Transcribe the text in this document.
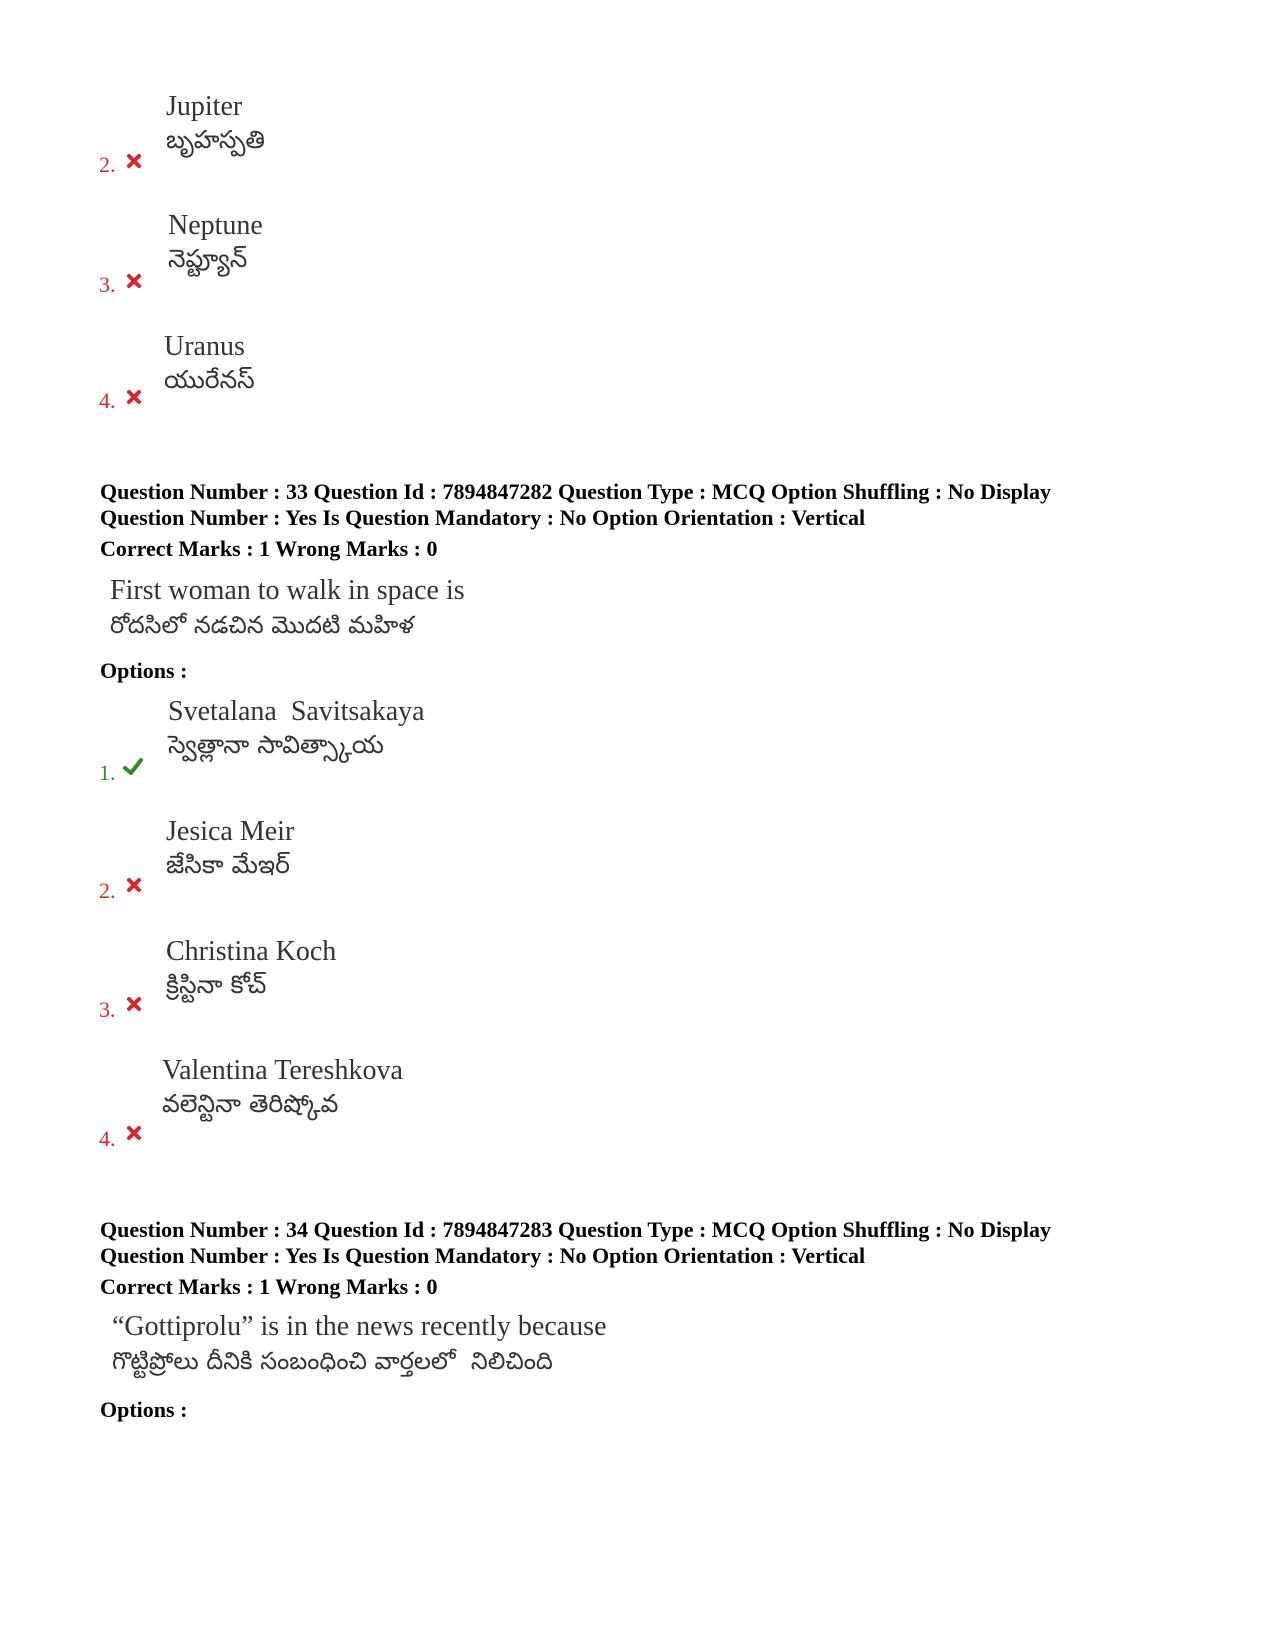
Jupiter
బృహస్పతి
2.
Neptune
నెప్ట్యూన్
3.
Uranus
యురేనస్
4.
Question Number : 33 Question Id : 7894847282 Question Type : MCQ Option Shuffling : No Display
Question Number : Yes Is Question Mandatory : No Option Orientation : Vertical
Correct Marks : 1 Wrong Marks : 0
First woman to walk in space is
రోదసిలో నడచిన మొదటి మహిళ
Options :
Svetalana  Savitsakaya
స్వెత్లానా సావిత్స్కాయ
1.
Jesica Meir
జేసికా మేఇర్
2.
Christina Koch
క్రిస్టినా కోచ్
3.
Valentina Tereshkova
వలెన్టినా తెరిష్కోవ
4.
Question Number : 34 Question Id : 7894847283 Question Type : MCQ Option Shuffling : No Display
Question Number : Yes Is Question Mandatory : No Option Orientation : Vertical
Correct Marks : 1 Wrong Marks : 0
“Gottiprolu” is in the news recently because
గొట్టిప్రోలు దీనికి సంబంధించి వార్తలలో  నిలిచింది
Options :
